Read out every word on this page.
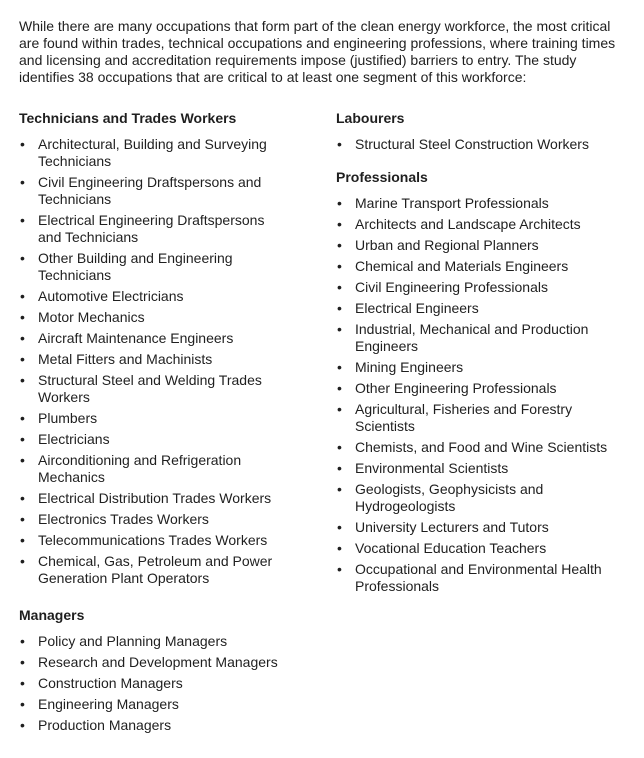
While there are many occupations that form part of the clean energy workforce, the most critical are found within trades, technical occupations and engineering professions, where training times and licensing and accreditation requirements impose (justified) barriers to entry. The study identifies 38 occupations that are critical to at least one segment of this workforce:

Technicians and Trades Workers
• Architectural, Building and Surveying Technicians
• Civil Engineering Draftspersons and Technicians
• Electrical Engineering Draftspersons and Technicians
• Other Building and Engineering Technicians
• Automotive Electricians
• Motor Mechanics
• Aircraft Maintenance Engineers
• Metal Fitters and Machinists
• Structural Steel and Welding Trades Workers
• Plumbers
• Electricians
• Airconditioning and Refrigeration Mechanics
• Electrical Distribution Trades Workers
• Electronics Trades Workers
• Telecommunications Trades Workers
• Chemical, Gas, Petroleum and Power Generation Plant Operators
Managers
• Policy and Planning Managers
• Research and Development Managers
• Construction Managers
• Engineering Managers
• Production Managers
Labourers
• Structural Steel Construction Workers
Professionals
• Marine Transport Professionals
• Architects and Landscape Architects
• Urban and Regional Planners
• Chemical and Materials Engineers
• Civil Engineering Professionals
• Electrical Engineers
• Industrial, Mechanical and Production Engineers
• Mining Engineers
• Other Engineering Professionals
• Agricultural, Fisheries and Forestry Scientists
• Chemists, and Food and Wine Scientists
• Environmental Scientists
• Geologists, Geophysicists and Hydrogeologists
• University Lecturers and Tutors
• Vocational Education Teachers
• Occupational and Environmental Health Professionals
